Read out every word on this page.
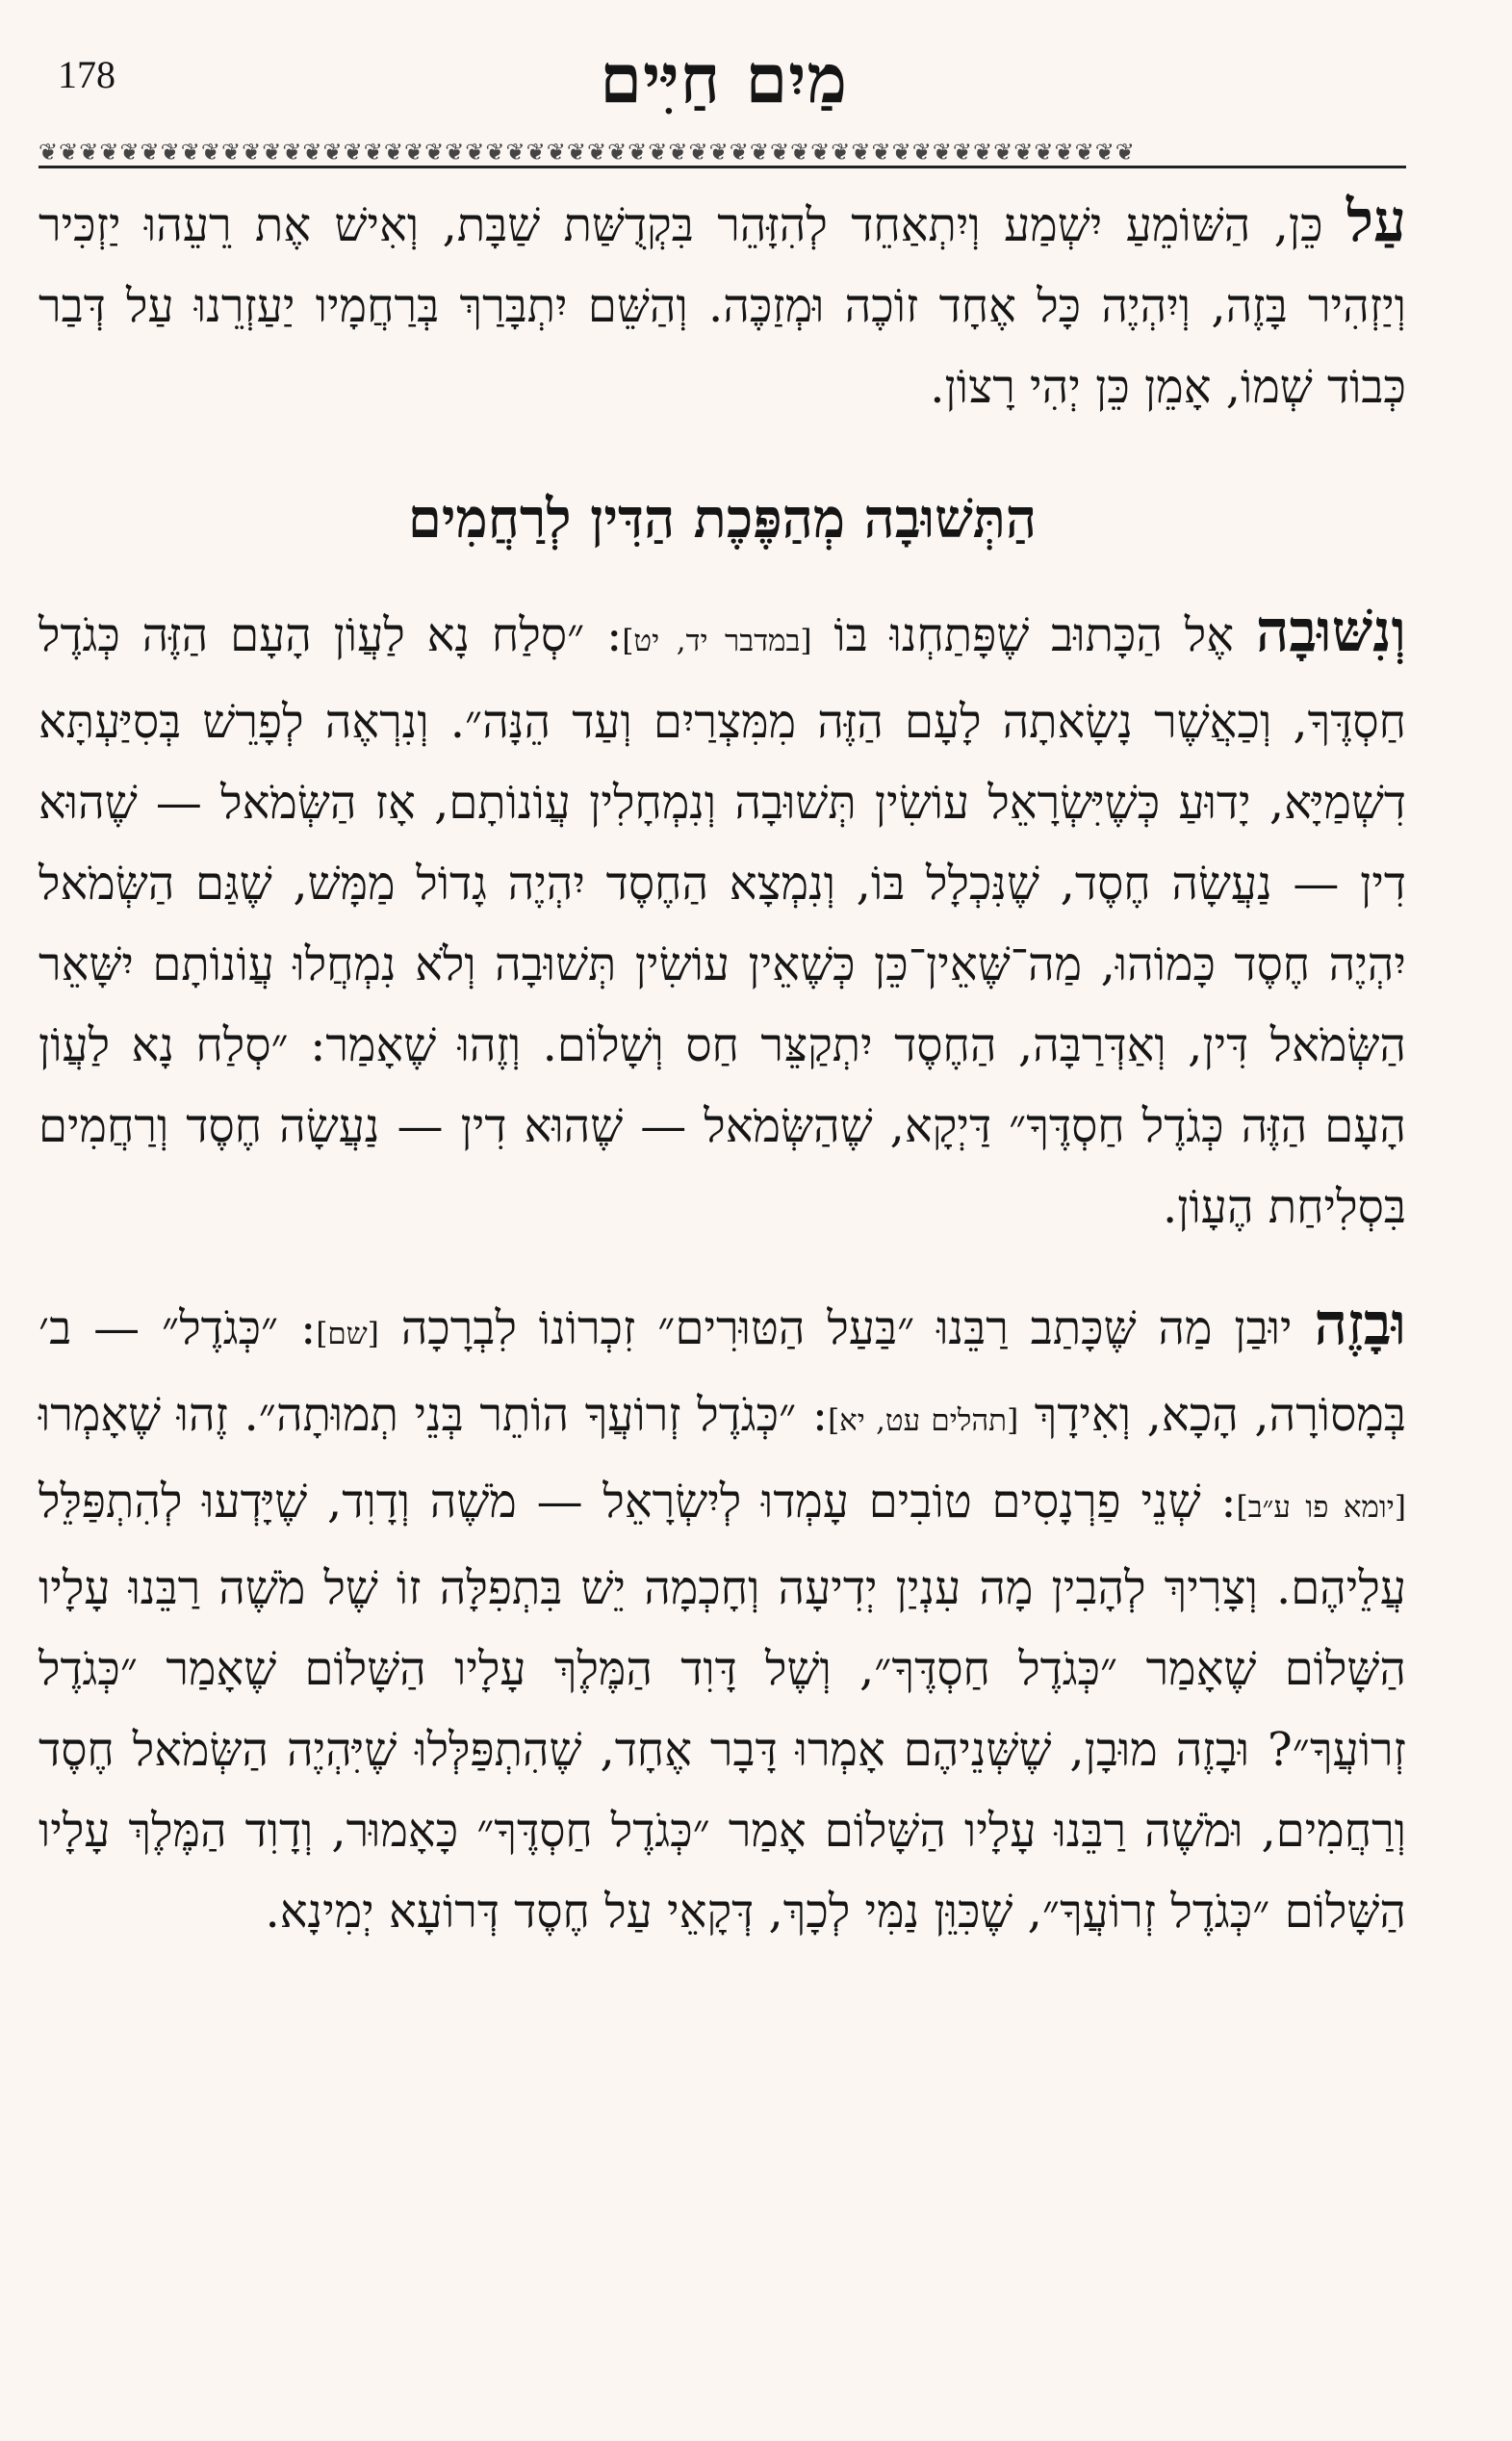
מַיִם חַיִּים
178
❦❦❦❦❦❦❦❦❦❦❦❦❦❦❦❦❦❦❦❦❦❦❦❦❦❦❦❦❦❦❦❦❦❦❦❦❦❦❦❦❦❦❦❦❦❦❦❦❦❦❦❦❦❦

עַל כֵּן, הַשּׁוֹמֵעַ יִשְׁמַע וְיִתְאַחֵד לְהִזָּהֵר בִּקְדֻשַּׁת שַׁבָּת, וְאִישׁ אֶת רֵעֵהוּ יַזְכִּיר וְיַזְהִיר בָּזֶה, וְיִהְיֶה כָּל אֶחָד זוֹכֶה וּמְזַכֶּה. וְהַשֵּׁם יִתְבָּרַךְ בְּרַחֲמָיו יַעַזְרֵנוּ עַל דְּבַר כְּבוֹד שְׁמוֹ, אָמֵן כֵּן יְהִי רָצוֹן.

הַתְּשׁוּבָה מְהַפֶּכֶת הַדִּין לְרַחֲמִים

וְנִשּׁוּבָה אֶל הַכָּתוּב שֶׁפָּתַחְנוּ בּוֹ [במדבר יד, יט]: ״סְלַח נָא לַעֲוֹן הָעָם הַזֶּה כְּגֹדֶל חַסְדֶּךָ, וְכַאֲשֶׁר נָשָׂאתָה לָעָם הַזֶּה מִמִּצְרַיִם וְעַד הֵנָּה״. וְנִרְאֶה לְפָרֵשׁ בְּסִיַּעְתָּא דִשְׁמַיָּא, יָדוּעַ כְּשֶׁיִּשְׂרָאֵל עוֹשִׂין תְּשׁוּבָה וְנִמְחָלִין עֲוֹנוֹתָם, אָז הַשְּׂמֹאל — שֶׁהוּא דִין — נַעֲשָׂה חֶסֶד, שֶׁנִּכְלָל בּוֹ, וְנִמְצָא הַחֶסֶד יִהְיֶה גָדוֹל מַמָּשׁ, שֶׁגַּם הַשְּׂמֹאל יִהְיֶה חֶסֶד כָּמוֹהוּ, מַה־שֶּׁאֵין־כֵּן כְּשֶׁאֵין עוֹשִׂין תְּשׁוּבָה וְלֹא נִמְחֲלוּ עֲוֹנוֹתָם יִשָּׁאֵר הַשְּׂמֹאל דִּין, וְאַדְּרַבָּה, הַחֶסֶד יִתְקַצֵּר חַס וְשָׁלוֹם. וְזֶהוּ שֶׁאָמַר: ״סְלַח נָא לַעֲוֹן הָעָם הַזֶּה כְּגֹדֶל חַסְדֶּךָ״ דַּיְקָא, שֶׁהַשְּׂמֹאל — שֶׁהוּא דִין — נַעֲשָׂה חֶסֶד וְרַחֲמִים בִּסְלִיחַת הֶעָוֹן.

וּבָזֶה יוּבַן מַה שֶּׁכָּתַב רַבֵּנוּ ״בַּעַל הַטּוּרִים״ זִכְרוֹנוֹ לִבְרָכָה [שם]: ״כְּגֹדֶל״ — ב׳ בְּמָסוֹרָה, הָכָא, וְאִידָךְ [תהלים עט, יא]: ״כְּגֹדֶל זְרוֹעֲךָ הוֹתֵר בְּנֵי תְמוּתָה״. זֶהוּ שֶׁאָמְרוּ [יומא פו ע״ב]: שְׁנֵי פַרְנָסִים טוֹבִים עָמְדוּ לְיִשְׂרָאֵל — מֹשֶׁה וְדָוִד, שֶׁיָּדְעוּ לְהִתְפַּלֵּל עֲלֵיהֶם. וְצָרִיךְ לְהָבִין מָה עִנְיַן יְדִיעָה וְחָכְמָה יֵשׁ בִּתְפִלָּה זוֹ שֶׁל מֹשֶׁה רַבֵּנוּ עָלָיו הַשָּׁלוֹם שֶׁאָמַר ״כְּגֹדֶל חַסְדֶּךָ״, וְשֶׁל דָּוִד הַמֶּלֶךְ עָלָיו הַשָּׁלוֹם שֶׁאָמַר ״כְּגֹדֶל זְרוֹעֲךָ״? וּבָזֶה מוּבָן, שֶׁשְּׁנֵיהֶם אָמְרוּ דָּבָר אֶחָד, שֶׁהִתְפַּלְּלוּ שֶׁיִּהְיֶה הַשְּׂמֹאל חֶסֶד וְרַחֲמִים, וּמֹשֶׁה רַבֵּנוּ עָלָיו הַשָּׁלוֹם אָמַר ״כְּגֹדֶל חַסְדֶּךָ״ כָּאָמוּר, וְדָוִד הַמֶּלֶךְ עָלָיו הַשָּׁלוֹם ״כְּגֹדֶל זְרוֹעֲךָ״, שֶׁכִּוֵּן נַמִּי לְכָךְ, דְּקָאֵי עַל חֶסֶד דְּרוֹעָא יְמִינָא.
